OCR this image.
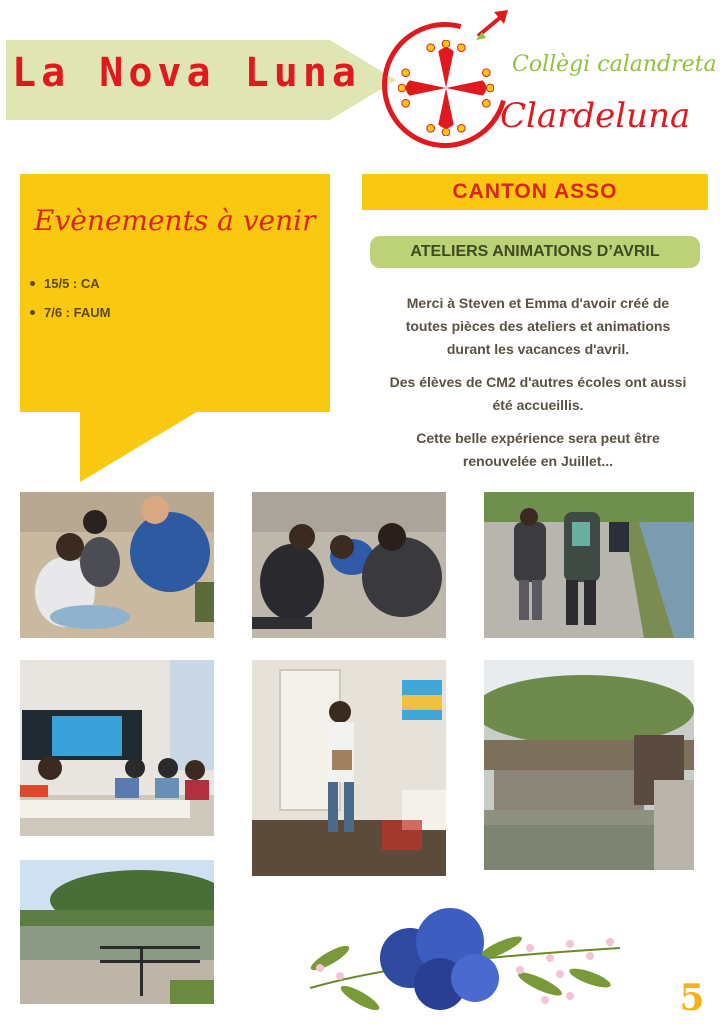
La Nova Luna	Collègi calandreta
Clardeluna
Evènements à venir
15/5 : CA
7/6 : FAUM
CANTON ASSO
ATELIERS ANIMATIONS D’AVRIL
Merci à Steven et Emma d'avoir créé de
toutes pièces des ateliers et animations
durant les vacances d'avril.
Des élèves de CM2 d'autres écoles ont aussi
été accueillis.
Cette belle expérience sera peut être
renouvelée en Juillet...
5
